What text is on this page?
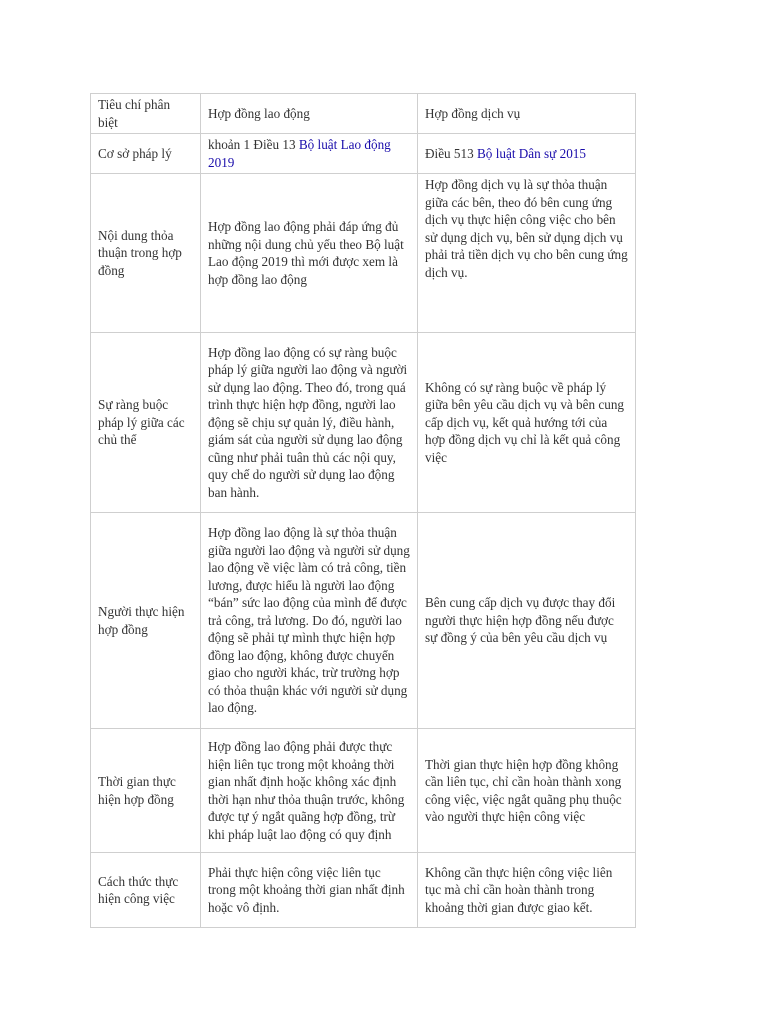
Tiêu chí phân biệt	Hợp đồng lao động	Hợp đồng dịch vụ
Cơ sở pháp lý	khoản 1 Điều 13 Bộ luật Lao động 2019	Điều 513 Bộ luật Dân sự 2015
Nội dung thỏa thuận trong hợp đồng	Hợp đồng lao động phải đáp ứng đủ những nội dung chủ yếu theo Bộ luật Lao động 2019 thì mới được xem là hợp đồng lao động	Hợp đồng dịch vụ là sự thỏa thuận giữa các bên, theo đó bên cung ứng dịch vụ thực hiện công việc cho bên sử dụng dịch vụ, bên sử dụng dịch vụ phải trả tiền dịch vụ cho bên cung ứng dịch vụ.
Sự ràng buộc pháp lý giữa các chủ thể	Hợp đồng lao động có sự ràng buộc pháp lý giữa người lao động và người sử dụng lao động. Theo đó, trong quá trình thực hiện hợp đồng, người lao động sẽ chịu sự quản lý, điều hành, giám sát của người sử dụng lao động cũng như phải tuân thủ các nội quy, quy chế do người sử dụng lao động ban hành.	Không có sự ràng buộc về pháp lý giữa bên yêu cầu dịch vụ và bên cung cấp dịch vụ, kết quả hướng tới của hợp đồng dịch vụ chỉ là kết quả công việc
Người thực hiện hợp đồng	Hợp đồng lao động là sự thỏa thuận giữa người lao động và người sử dụng lao động về việc làm có trả công, tiền lương, được hiểu là người lao động “bán” sức lao động của mình để được trả công, trả lương. Do đó, người lao động sẽ phải tự mình thực hiện hợp đồng lao động, không được chuyển giao cho người khác, trừ trường hợp có thỏa thuận khác với người sử dụng lao động.	Bên cung cấp dịch vụ được thay đổi người thực hiện hợp đồng nếu được sự đồng ý của bên yêu cầu dịch vụ
Thời gian thực hiện hợp đồng	Hợp đồng lao động phải được thực hiện liên tục trong một khoảng thời gian nhất định hoặc không xác định thời hạn như thỏa thuận trước, không được tự ý ngắt quãng hợp đồng, trừ khi pháp luật lao động có quy định	Thời gian thực hiện hợp đồng không cần liên tục, chỉ cần hoàn thành xong công việc, việc ngắt quãng phụ thuộc vào người thực hiện công việc
Cách thức thực hiện công việc	Phải thực hiện công việc liên tục trong một khoảng thời gian nhất định hoặc vô định.	Không cần thực hiện công việc liên tục mà chỉ cần hoàn thành trong khoảng thời gian được giao kết.
